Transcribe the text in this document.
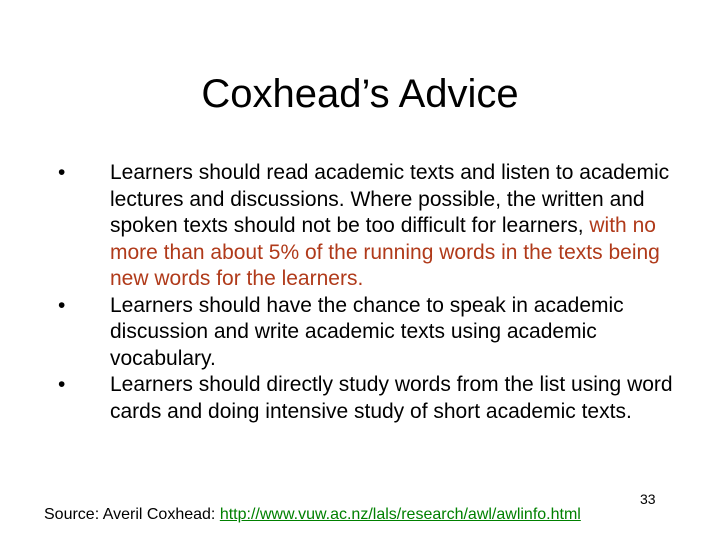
Coxhead’s Advice
•	Learners should read academic texts and listen to academic lectures and discussions. Where possible, the written and spoken texts should not be too difficult for learners, with no more than about 5% of the running words in the texts being new words for the learners.
•	Learners should have the chance to speak in academic discussion and write academic texts using academic vocabulary.
•	Learners should directly study words from the list using word cards and doing intensive study of short academic texts.
33
Source: Averil Coxhead: http://www.vuw.ac.nz/lals/research/awl/awlinfo.html
